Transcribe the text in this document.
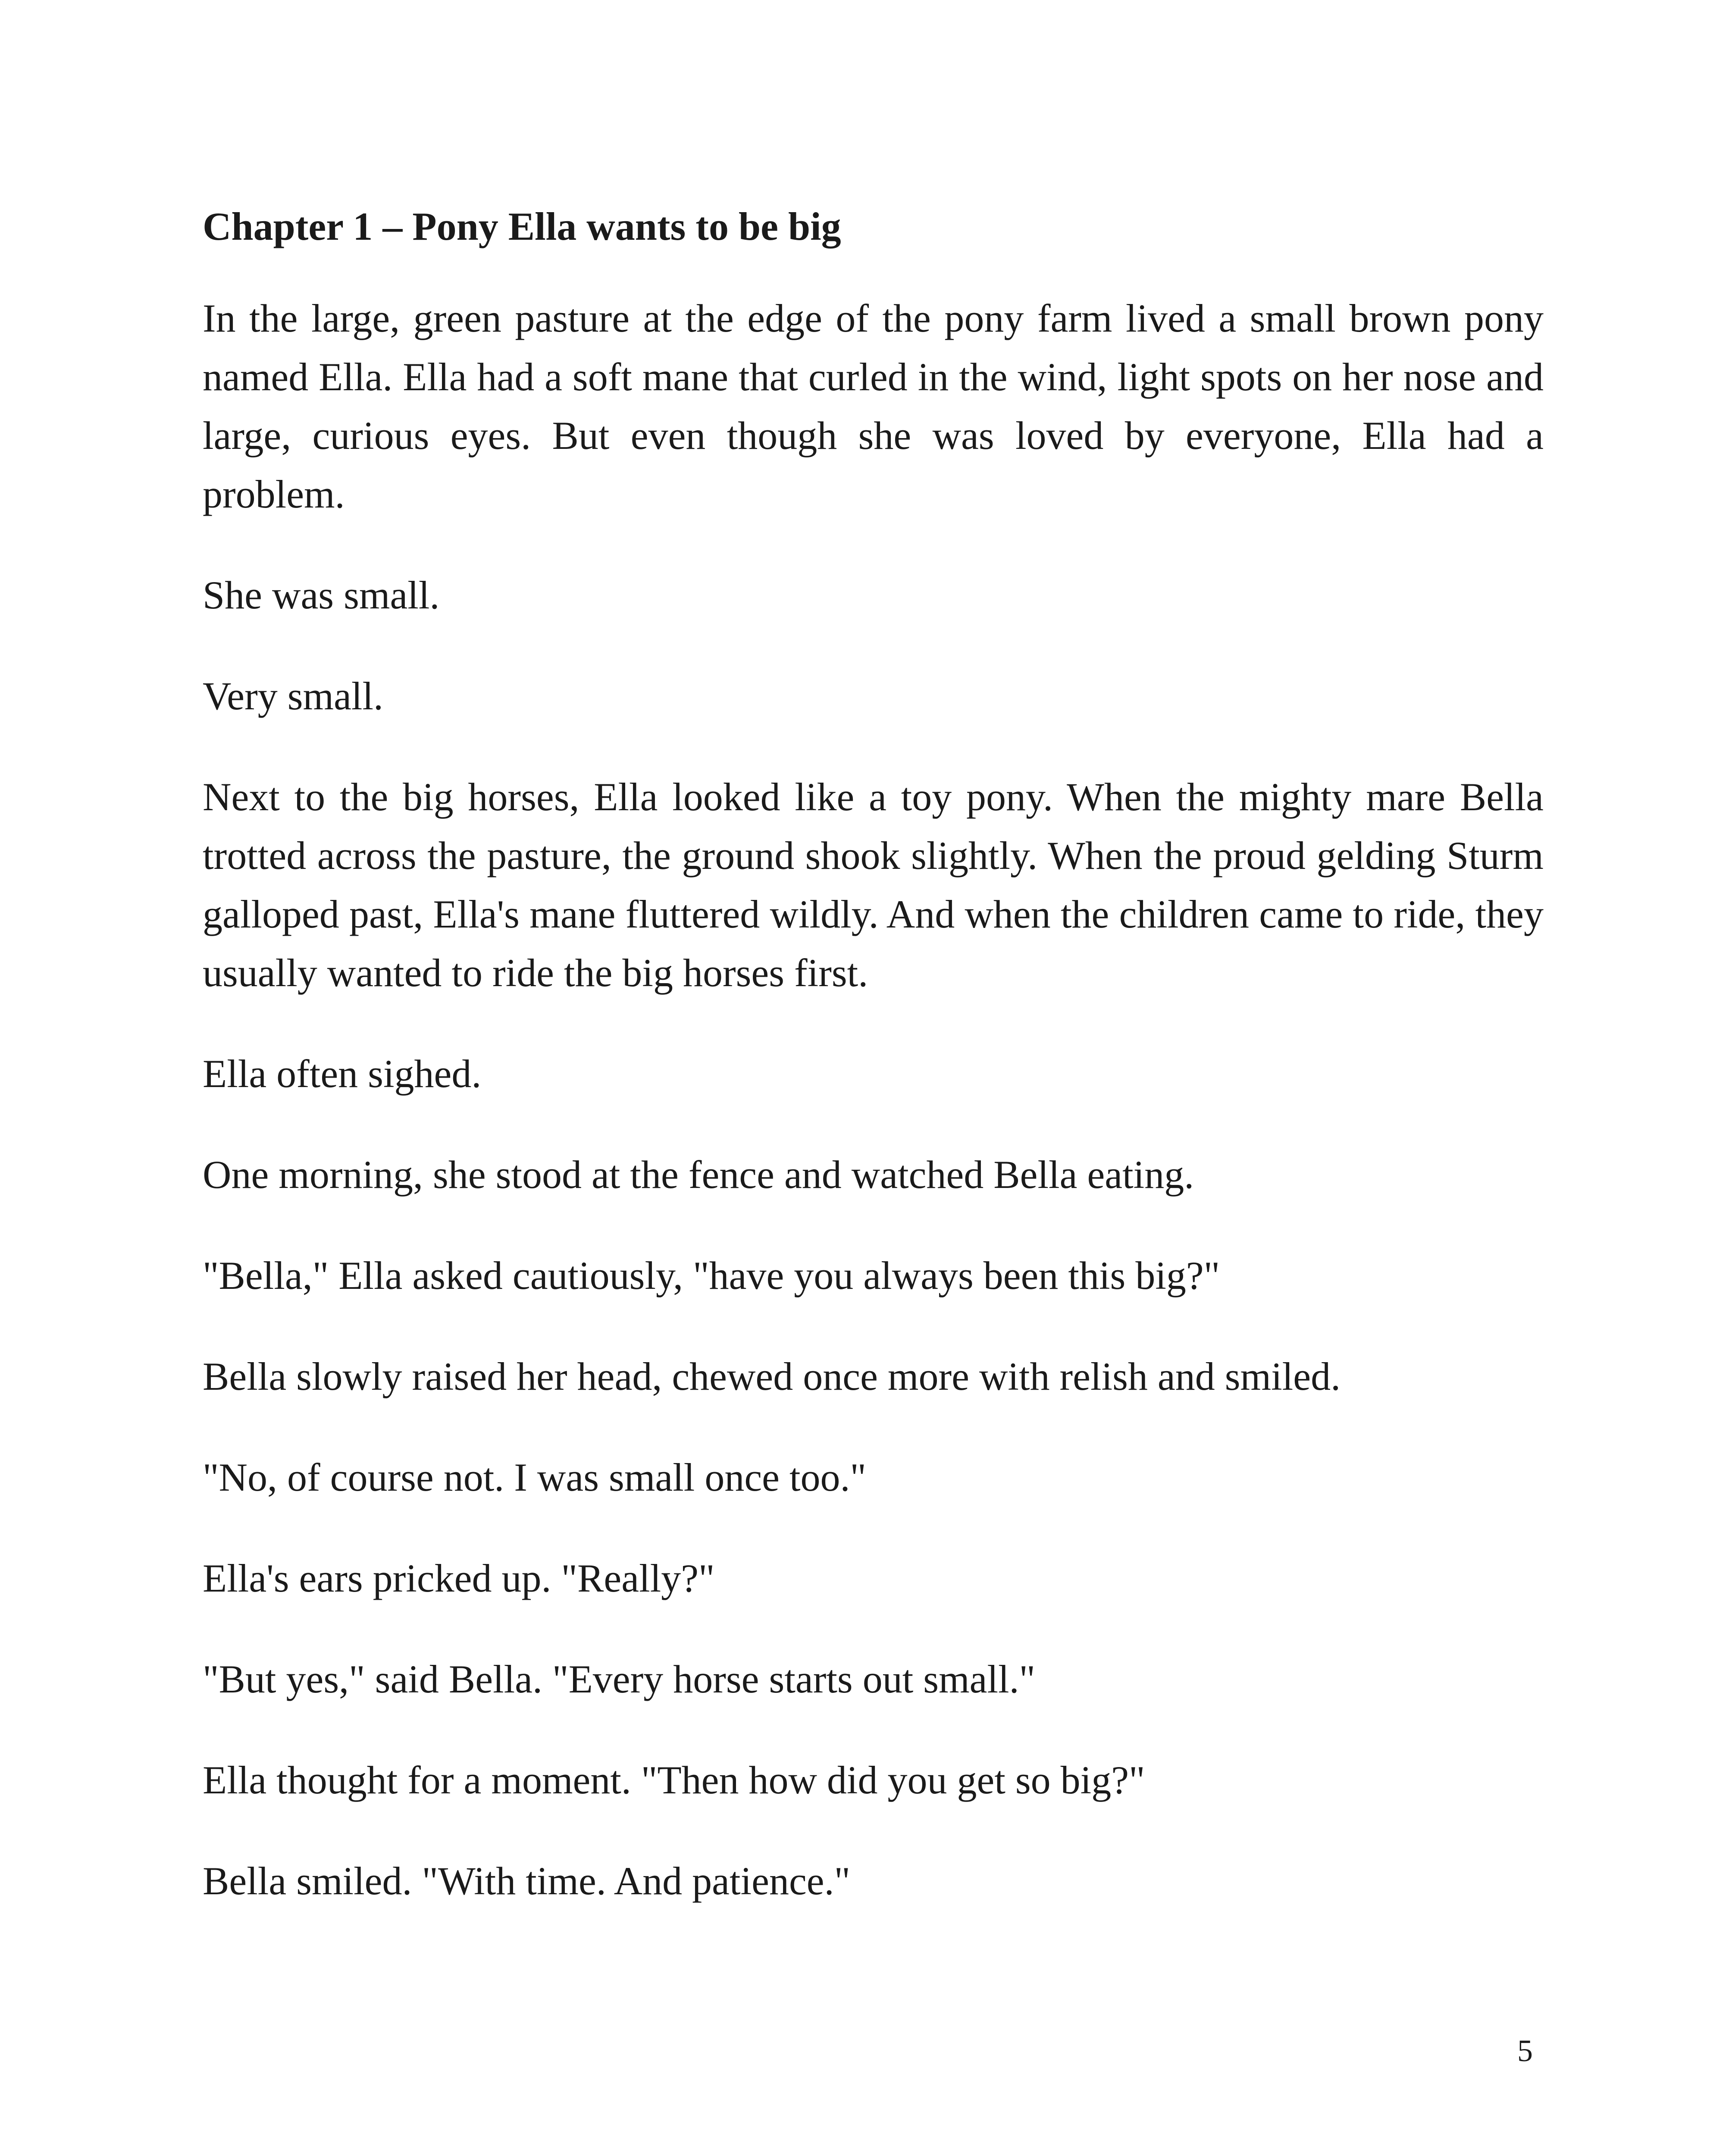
Chapter 1 – Pony Ella wants to be big

In the large, green pasture at the edge of the pony farm lived a small brown pony named Ella. Ella had a soft mane that curled in the wind, light spots on her nose and large, curious eyes. But even though she was loved by everyone, Ella had a problem.

She was small.

Very small.

Next to the big horses, Ella looked like a toy pony. When the mighty mare Bella trotted across the pasture, the ground shook slightly. When the proud gelding Sturm galloped past, Ella's mane fluttered wildly. And when the children came to ride, they usually wanted to ride the big horses first.

Ella often sighed.

One morning, she stood at the fence and watched Bella eating.

"Bella," Ella asked cautiously, "have you always been this big?"

Bella slowly raised her head, chewed once more with relish and smiled.

"No, of course not. I was small once too."

Ella's ears pricked up. "Really?"

"But yes," said Bella. "Every horse starts out small."

Ella thought for a moment. "Then how did you get so big?"

Bella smiled. "With time. And patience."

5
